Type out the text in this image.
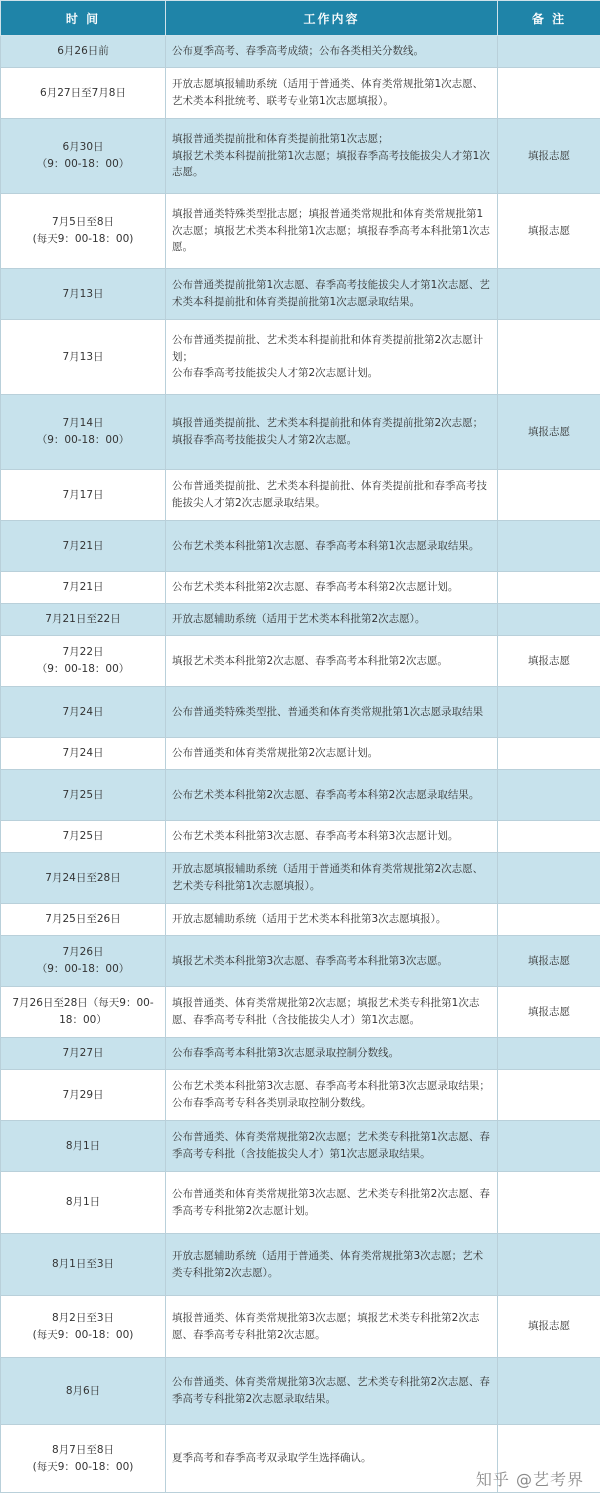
时 间	工作内容	备 注

6月26日前	公布夏季高考、春季高考成绩；公布各类相关分数线。	

6月27日至7月8日	开放志愿填报辅助系统（适用于普通类、体育类常规批第1次志愿、艺术类本科批统考、联考专业第1次志愿填报）。	

6月30日
（9：00-18：00）	填报普通类提前批和体育类提前批第1次志愿；
填报艺术类本科提前批第1次志愿；填报春季高考技能拔尖人才第1次志愿。	填报志愿

7月5日至8日
(每天9：00-18：00)	填报普通类特殊类型批志愿；填报普通类常规批和体育类常规批第1次志愿；填报艺术类本科批第1次志愿；填报春季高考本科批第1次志愿。	填报志愿

7月13日	公布普通类提前批第1次志愿、春季高考技能拔尖人才第1次志愿、艺术类本科提前批和体育类提前批第1次志愿录取结果。	

7月13日	公布普通类提前批、艺术类本科提前批和体育类提前批第2次志愿计划；
公布春季高考技能拔尖人才第2次志愿计划。	

7月14日
（9：00-18：00）	填报普通类提前批、艺术类本科提前批和体育类提前批第2次志愿；
填报春季高考技能拔尖人才第2次志愿。	填报志愿

7月17日	公布普通类提前批、艺术类本科提前批、体育类提前批和春季高考技能拔尖人才第2次志愿录取结果。	

7月21日	公布艺术类本科批第1次志愿、春季高考本科第1次志愿录取结果。	

7月21日	公布艺术类本科批第2次志愿、春季高考本科第2次志愿计划。	

7月21日至22日	开放志愿辅助系统（适用于艺术类本科批第2次志愿）。	

7月22日
（9：00-18：00）	填报艺术类本科批第2次志愿、春季高考本科批第2次志愿。	填报志愿

7月24日	公布普通类特殊类型批、普通类和体育类常规批第1次志愿录取结果	

7月24日	公布普通类和体育类常规批第2次志愿计划。	

7月25日	公布艺术类本科批第2次志愿、春季高考本科第2次志愿录取结果。	

7月25日	公布艺术类本科批第3次志愿、春季高考本科第3次志愿计划。	

7月24日至28日	开放志愿填报辅助系统（适用于普通类和体育类常规批第2次志愿、艺术类专科批第1次志愿填报）。	

7月25日至26日	开放志愿辅助系统（适用于艺术类本科批第3次志愿填报）。	

7月26日
（9：00-18：00）	填报艺术类本科批第3次志愿、春季高考本科批第3次志愿。	填报志愿

7月26日至28日（每天9：00-18：00）	填报普通类、体育类常规批第2次志愿；填报艺术类专科批第1次志愿、春季高考专科批（含技能拔尖人才）第1次志愿。	填报志愿

7月27日	公布春季高考本科批第3次志愿录取控制分数线。	

7月29日	公布艺术类本科批第3次志愿、春季高考本科批第3次志愿录取结果；公布春季高考专科各类别录取控制分数线。	

8月1日	公布普通类、体育类常规批第2次志愿；艺术类专科批第1次志愿、春季高考专科批（含技能拔尖人才）第1次志愿录取结果。	

8月1日	公布普通类和体育类常规批第3次志愿、艺术类专科批第2次志愿、春季高考专科批第2次志愿计划。	

8月1日至3日	开放志愿辅助系统（适用于普通类、体育类常规批第3次志愿；艺术类专科批第2次志愿）。	

8月2日至3日
(每天9：00-18：00)	填报普通类、体育类常规批第3次志愿；填报艺术类专科批第2次志愿、春季高考专科批第2次志愿。	填报志愿

8月6日	公布普通类、体育类常规批第3次志愿、艺术类专科批第2次志愿、春季高考专科批第2次志愿录取结果。	

8月7日至8日
(每天9：00-18：00)	夏季高考和春季高考双录取学生选择确认。	

知乎 @艺考界
